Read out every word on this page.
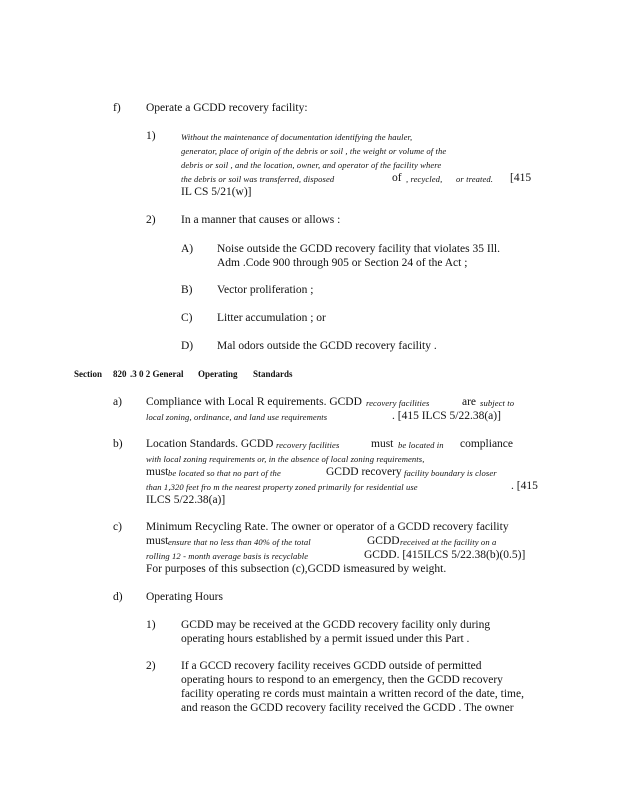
f) Operate a GCDD recovery facility:
1)	Without the maintenance of documentation identifying the hauler,
generator, place of origin of the debris or soil , the weight or volume of the
debris or soil , and the location, owner, and operator of the facility where
the debris or soil was transferred, disposed	of , recycled, or treated. [415
IL CS 5/21(w)]
2) In a manner that causes or allows :
A) Noise outside the GCDD recovery facility that violates 35 Ill.
Adm .Code 900 through 905 or Section 24 of the Act ;
B) Vector proliferation ;
C) Litter accumulation ; or
D) Mal odors outside the GCDD recovery facility .
Section 820 .3 0 2 General Operating Standards
a) Compliance with Local R equirements. GCDD recovery facilities	are subject to
local zoning, ordinance, and land use requirements	. [415 ILCS 5/22.38(a)]
b) Location Standards. GCDD recovery facilities	must be located in compliance
with local zoning requirements or, in the absence of local zoning requirements,
must be located so that no part of the	GCDD recovery facility boundary is closer
than 1,320 feet fro m the nearest property zoned primarily for residential use	. [415
ILCS 5/22.38(a)]
c) Minimum Recycling Rate. The owner or operator of a GCDD recovery facility
must ensure that no less than 40% of the total	GCDD received at the facility on a
rolling 12 - month average basis is recyclable	GCDD. [415ILCS 5/22.38(b)(0.5)]
For purposes of this subsection (c),GCDD ismeasured by weight.
d) Operating Hours
1) GCDD may be received at the GCDD recovery facility only during
operating hours established by a permit issued under this Part .
2) If a GCCD recovery facility receives GCDD outside of permitted
operating hours to respond to an emergency, then the GCDD recovery
facility operating re cords must maintain a written record of the date, time,
and reason the GCDD recovery facility received the GCDD . The owner
